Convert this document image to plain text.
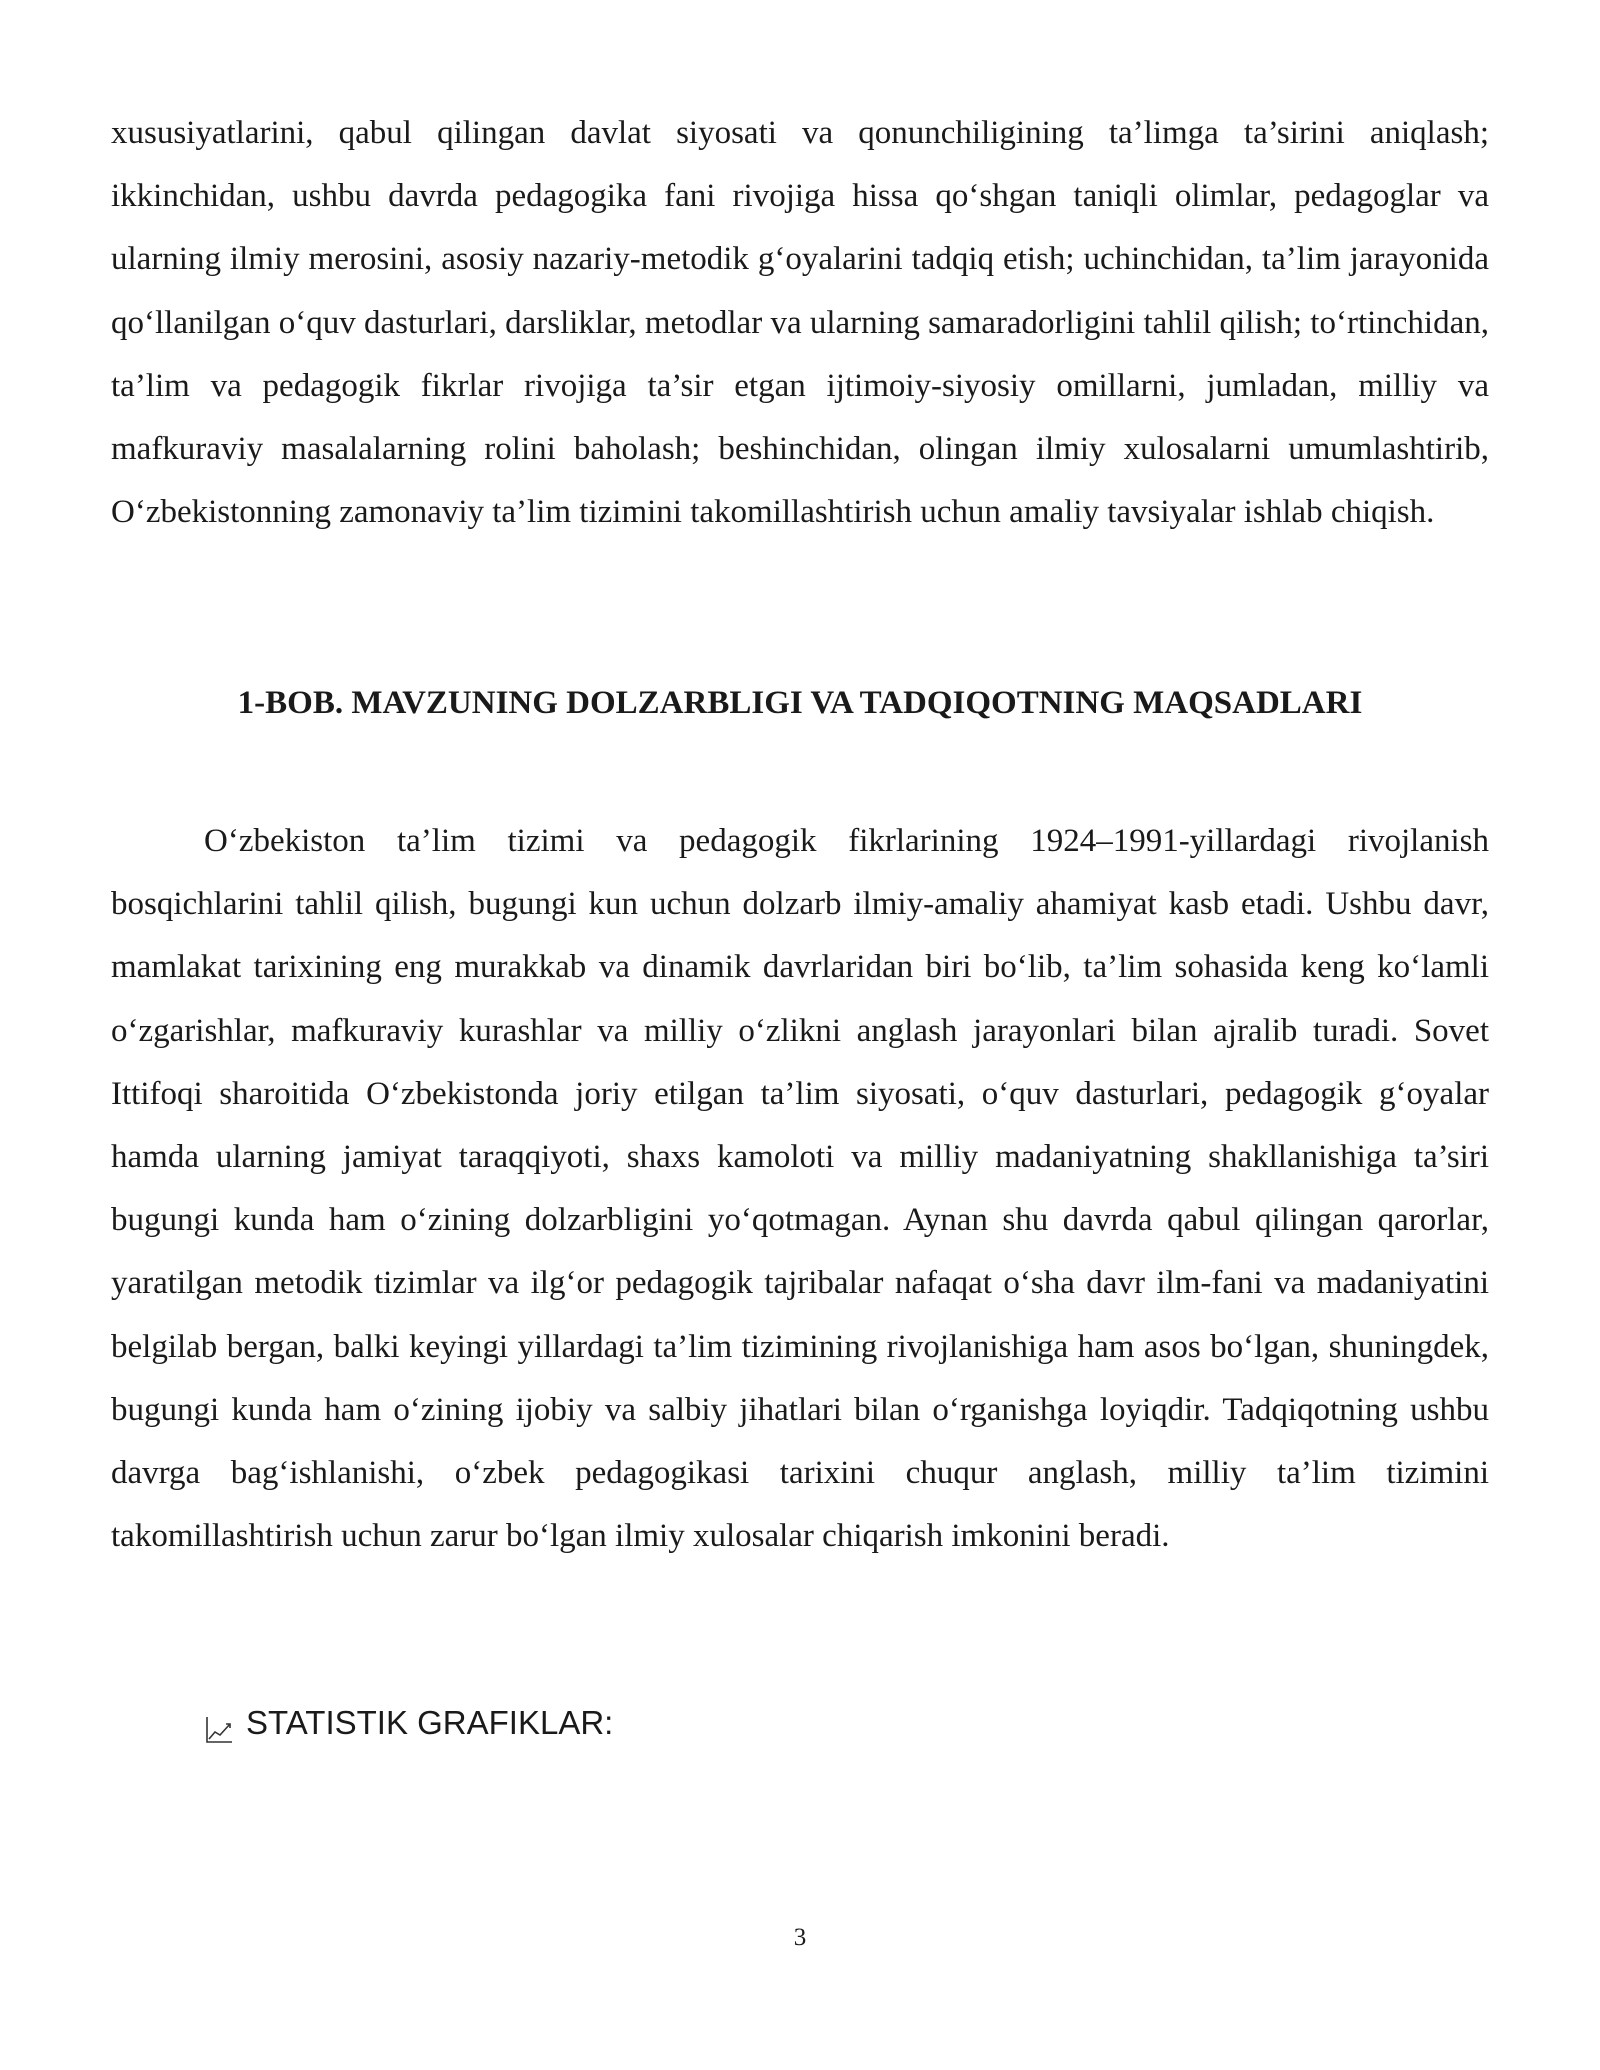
xususiyatlarini, qabul qilingan davlat siyosati va qonunchiligining ta’limga ta’sirini aniqlash; ikkinchidan, ushbu davrda pedagogika fani rivojiga hissa qo‘shgan taniqli olimlar, pedagoglar va ularning ilmiy merosini, asosiy nazariy-metodik g‘oyalarini tadqiq etish; uchinchidan, ta’lim jarayonida qo‘llanilgan o‘quv dasturlari, darsliklar, metodlar va ularning samaradorligini tahlil qilish; to‘rtinchidan, ta’lim va pedagogik fikrlar rivojiga ta’sir etgan ijtimoiy-siyosiy omillarni, jumladan, milliy va mafkuraviy masalalarning rolini baholash; beshinchidan, olingan ilmiy xulosalarni umumlashtirib, O‘zbekistonning zamonaviy ta’lim tizimini takomillashtirish uchun amaliy tavsiyalar ishlab chiqish.

1-BOB. MAVZUNING DOLZARBLIGI VA TADQIQOTNING MAQSADLARI

O‘zbekiston ta’lim tizimi va pedagogik fikrlarining 1924–1991-yillardagi rivojlanish bosqichlarini tahlil qilish, bugungi kun uchun dolzarb ilmiy-amaliy ahamiyat kasb etadi. Ushbu davr, mamlakat tarixining eng murakkab va dinamik davrlaridan biri bo‘lib, ta’lim sohasida keng ko‘lamli o‘zgarishlar, mafkuraviy kurashlar va milliy o‘zlikni anglash jarayonlari bilan ajralib turadi. Sovet Ittifoqi sharoitida O‘zbekistonda joriy etilgan ta’lim siyosati, o‘quv dasturlari, pedagogik g‘oyalar hamda ularning jamiyat taraqqiyoti, shaxs kamoloti va milliy madaniyatning shakllanishiga ta’siri bugungi kunda ham o‘zining dolzarbligini yo‘qotmagan. Aynan shu davrda qabul qilingan qarorlar, yaratilgan metodik tizimlar va ilg‘or pedagogik tajribalar nafaqat o‘sha davr ilm-fani va madaniyatini belgilab bergan, balki keyingi yillardagi ta’lim tizimining rivojlanishiga ham asos bo‘lgan, shuningdek, bugungi kunda ham o‘zining ijobiy va salbiy jihatlari bilan o‘rganishga loyiqdir. Tadqiqotning ushbu davrga bag‘ishlanishi, o‘zbek pedagogikasi tarixini chuqur anglash, milliy ta’lim tizimini takomillashtirish uchun zarur bo‘lgan ilmiy xulosalar chiqarish imkonini beradi.

STATISTIK GRAFIKLAR:
3
